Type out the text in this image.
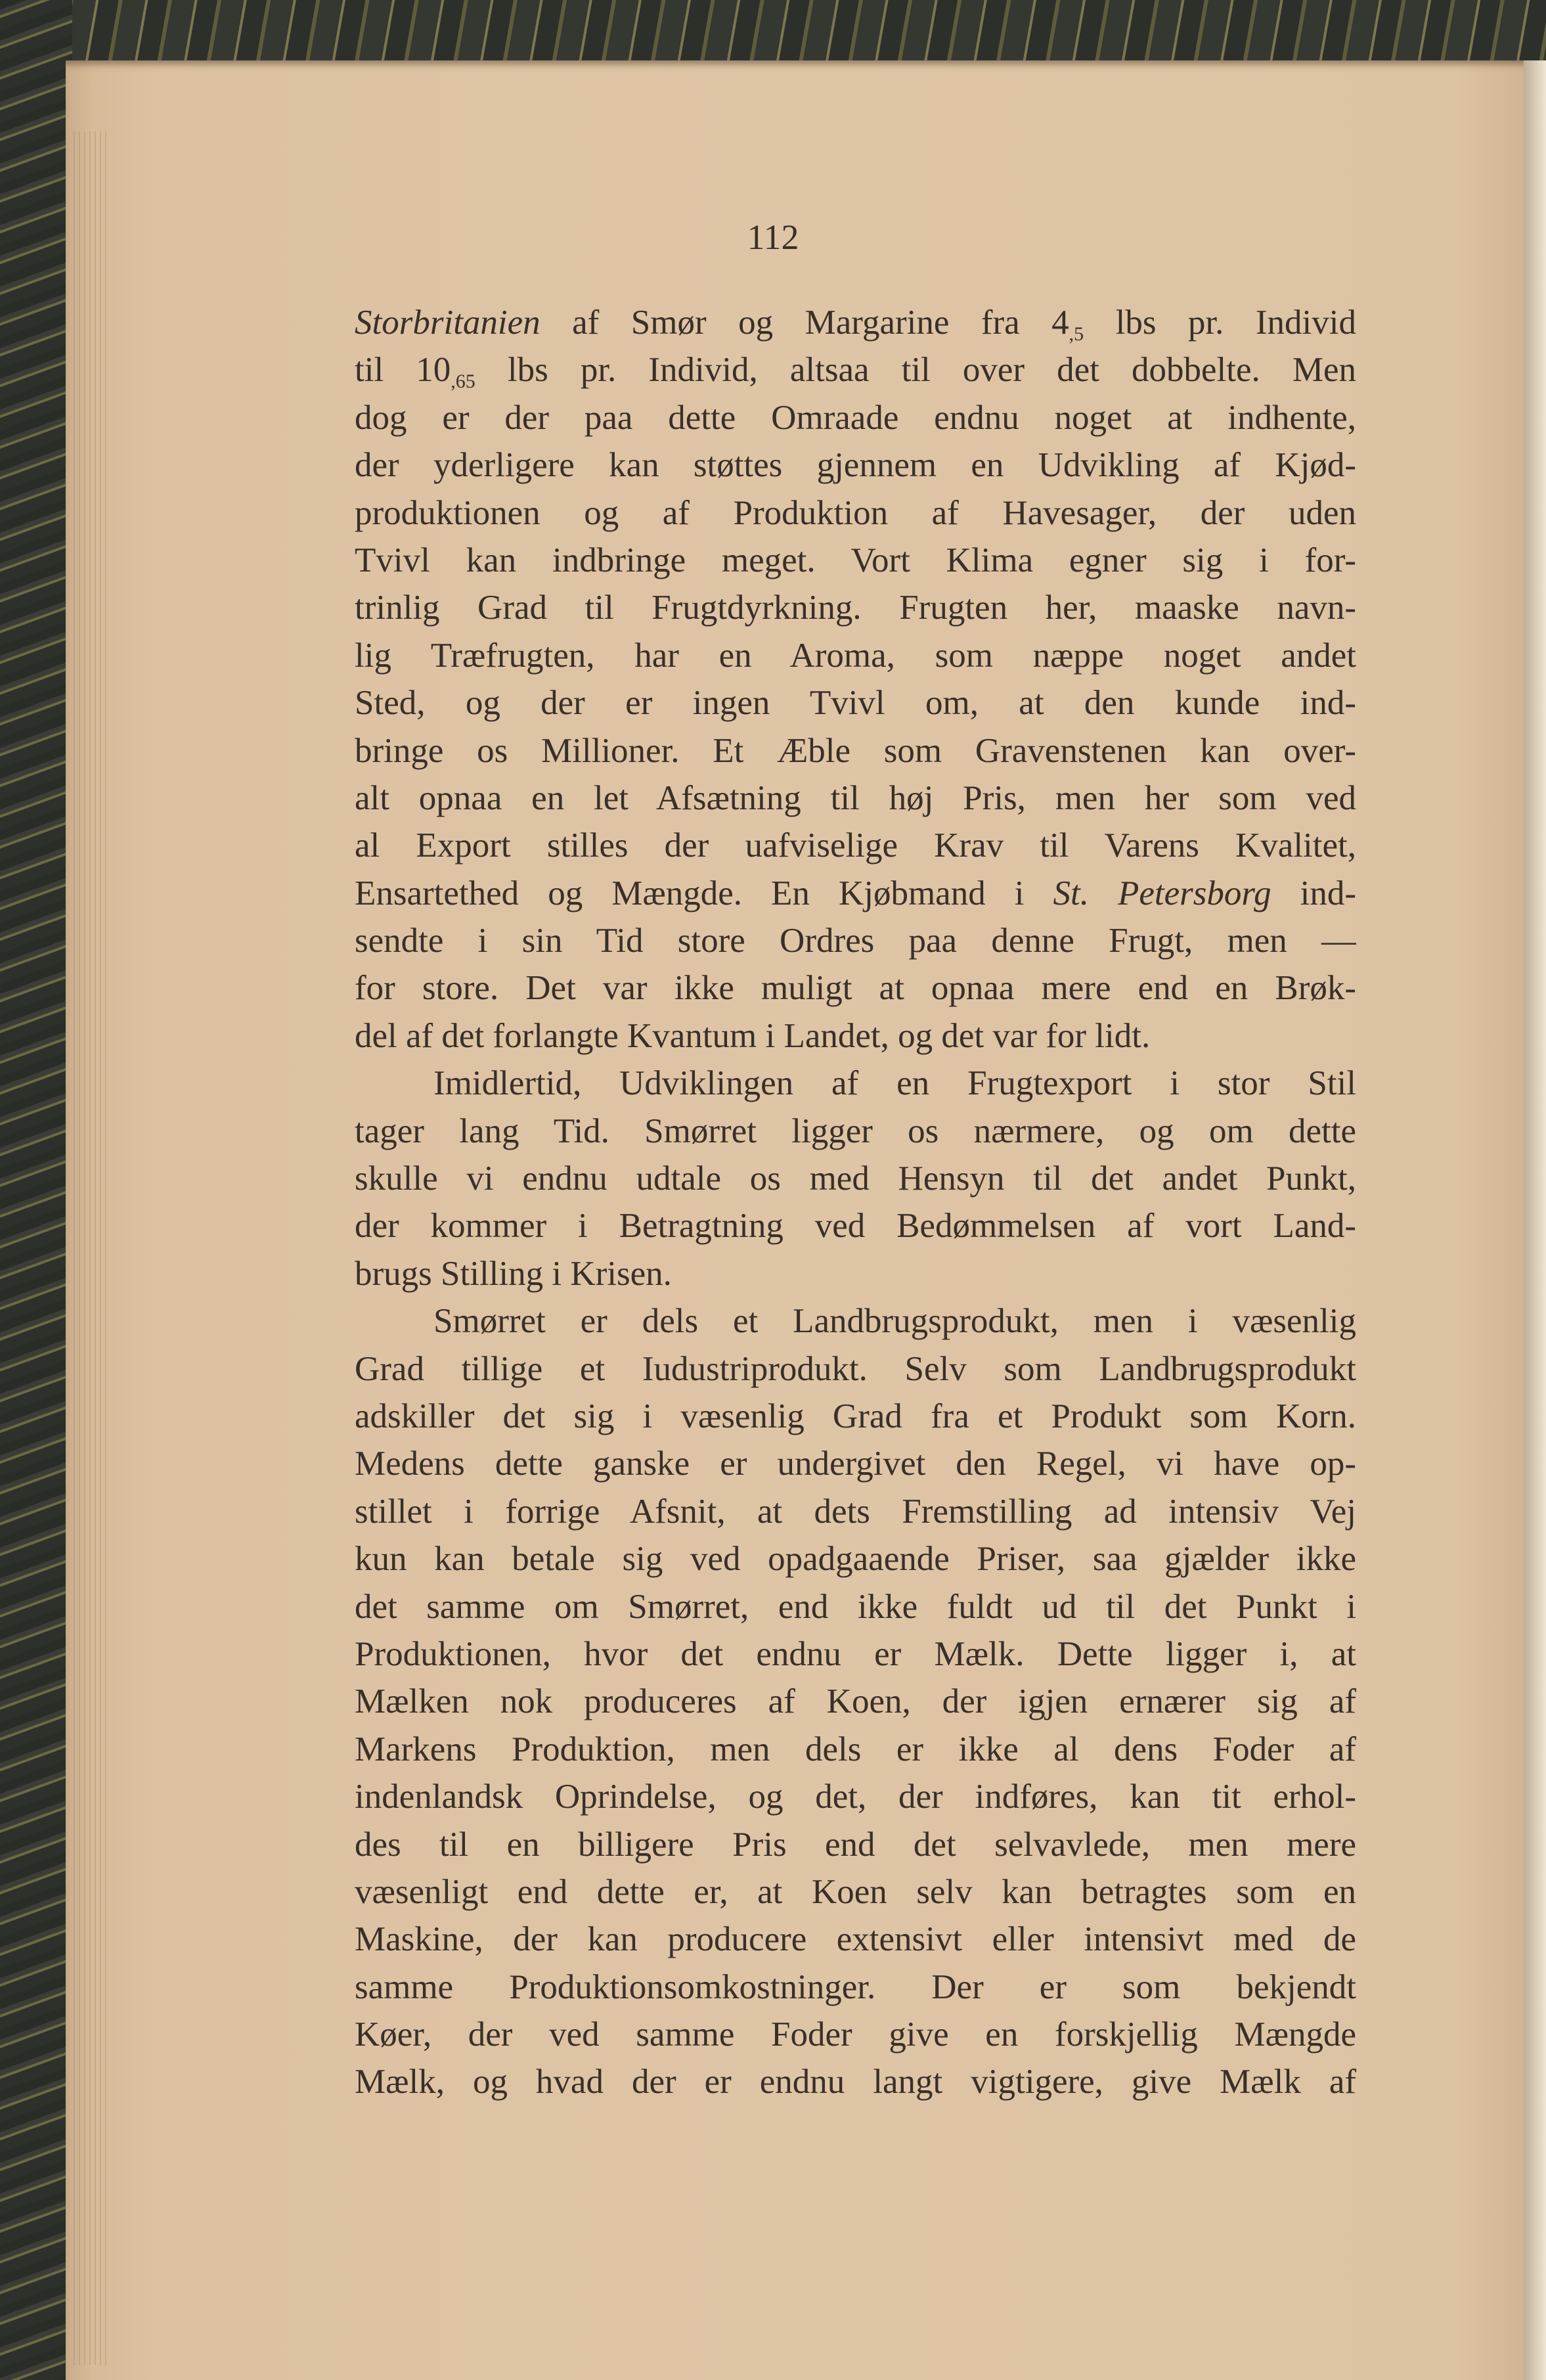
112
Storbritanien af Smør og Margarine fra $4_{,5}$ lbs pr. Individ
til $10_{,65}$ lbs pr. Individ, altsaa til over det dobbelte. Men
dog er der paa dette Omraade endnu noget at indhente,
der yderligere kan støttes gjennem en Udvikling af Kjød-
produktionen og af Produktion af Havesager, der uden
Tvivl kan indbringe meget. Vort Klima egner sig i for-
trinlig Grad til Frugtdyrkning. Frugten her, maaske navn-
lig Træfrugten, har en Aroma, som næppe noget andet
Sted, og der er ingen Tvivl om, at den kunde ind-
bringe os Millioner. Et Æble som Gravenstenen kan over-
alt opnaa en let Afsætning til høj Pris, men her som ved
al Export stilles der uafviselige Krav til Varens Kvalitet,
Ensartethed og Mængde. En Kjøbmand i St. Petersborg ind-
sendte i sin Tid store Ordres paa denne Frugt, men —
for store. Det var ikke muligt at opnaa mere end en Brøk-
del af det forlangte Kvantum i Landet, og det var for lidt.
Imidlertid, Udviklingen af en Frugtexport i stor Stil
tager lang Tid. Smørret ligger os nærmere, og om dette
skulle vi endnu udtale os med Hensyn til det andet Punkt,
der kommer i Betragtning ved Bedømmelsen af vort Land-
brugs Stilling i Krisen.
Smørret er dels et Landbrugsprodukt, men i væsenlig
Grad tillige et Iudustriprodukt. Selv som Landbrugsprodukt
adskiller det sig i væsenlig Grad fra et Produkt som Korn.
Medens dette ganske er undergivet den Regel, vi have op-
stillet i forrige Afsnit, at dets Fremstilling ad intensiv Vej
kun kan betale sig ved opadgaaende Priser, saa gjælder ikke
det samme om Smørret, end ikke fuldt ud til det Punkt i
Produktionen, hvor det endnu er Mælk. Dette ligger i, at
Mælken nok produceres af Koen, der igjen ernærer sig af
Markens Produktion, men dels er ikke al dens Foder af
indenlandsk Oprindelse, og det, der indføres, kan tit erhol-
des til en billigere Pris end det selvavlede, men mere
væsenligt end dette er, at Koen selv kan betragtes som en
Maskine, der kan producere extensivt eller intensivt med de
samme Produktionsomkostninger. Der er som bekjendt
Køer, der ved samme Foder give en forskjellig Mængde
Mælk, og hvad der er endnu langt vigtigere, give Mælk af
